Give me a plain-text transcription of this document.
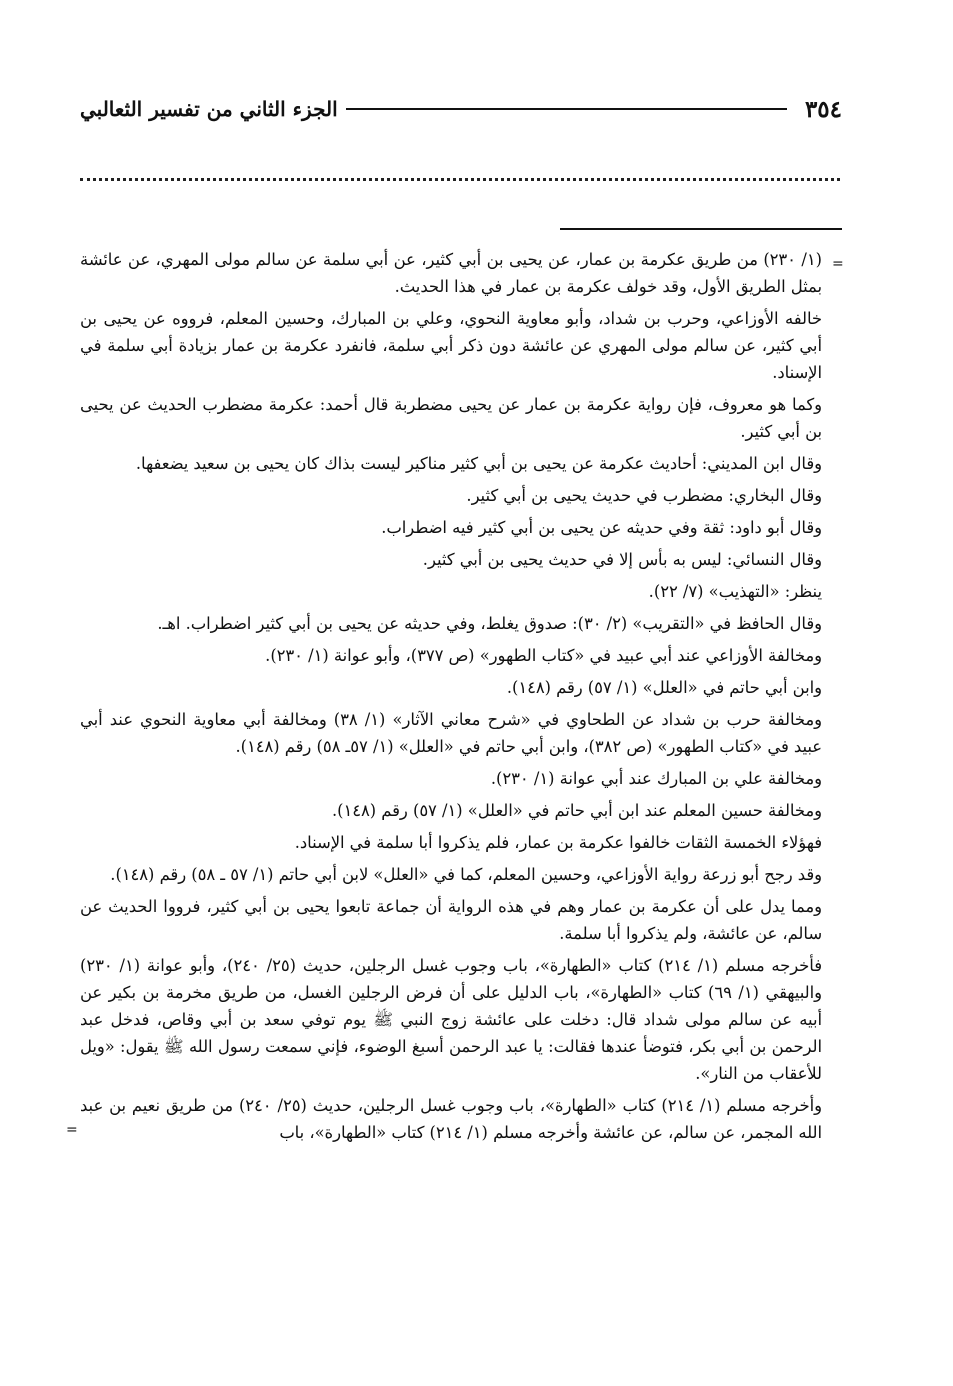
٣٥٤
الجزء الثاني من تفسير الثعالبي
=

(١/ ٢٣٠) من طريق عكرمة بن عمار، عن يحيى بن أبي كثير، عن أبي سلمة عن سالم مولى المهري، عن عائشة بمثل الطريق الأول، وقد خولف عكرمة بن عمار في هذا الحديث.

خالفه الأوزاعي، وحرب بن شداد، وأبو معاوية النحوي، وعلي بن المبارك، وحسين المعلم، فرووه عن يحيى بن أبي كثير، عن سالم مولى المهري عن عائشة دون ذكر أبي سلمة، فانفرد عكرمة بن عمار بزيادة أبي سلمة في الإسناد.

وكما هو معروف، فإن رواية عكرمة بن عمار عن يحيى مضطربة قال أحمد: عكرمة مضطرب الحديث عن يحيى بن أبي كثير.

وقال ابن المديني: أحاديث عكرمة عن يحيى بن أبي كثير مناكير ليست بذاك كان يحيى بن سعيد يضعفها.

وقال البخاري: مضطرب في حديث يحيى بن أبي كثير.

وقال أبو داود: ثقة وفي حديثه عن يحيى بن أبي كثير فيه اضطراب.

وقال النسائي: ليس به بأس إلا في حديث يحيى بن أبي كثير.

ينظر: «التهذيب» (٧/ ٢٢).

وقال الحافظ في «التقريب» (٢/ ٣٠): صدوق يغلط، وفي حديثه عن يحيى بن أبي كثير اضطراب. اهـ.

ومخالفة الأوزاعي عند أبي عبيد في «كتاب الطهور» (ص ٣٧٧)، وأبو عوانة (١/ ٢٣٠).

وابن أبي حاتم في «العلل» (١/ ٥٧) رقم (١٤٨).

ومخالفة حرب بن شداد عن الطحاوي في «شرح معاني الآثار» (١/ ٣٨) ومخالفة أبي معاوية النحوي عند أبي عبيد في «كتاب الطهور» (ص ٣٨٢)، وابن أبي حاتم في «العلل» (١/ ٥٧ـ ٥٨) رقم (١٤٨).

ومخالفة علي بن المبارك عند أبي عوانة (١/ ٢٣٠).

ومخالفة حسين المعلم عند ابن أبي حاتم في «العلل» (١/ ٥٧) رقم (١٤٨).

فهؤلاء الخمسة الثقات خالفوا عكرمة بن عمار، فلم يذكروا أبا سلمة في الإسناد.

وقد رجح أبو زرعة رواية الأوزاعي، وحسين المعلم، كما في «العلل» لابن أبي حاتم (١/ ٥٧ ـ ٥٨) رقم (١٤٨).

ومما يدل على أن عكرمة بن عمار وهم في هذه الرواية أن جماعة تابعوا يحيى بن أبي كثير، فرووا الحديث عن سالم، عن عائشة، ولم يذكروا أبا سلمة.

فأخرجه مسلم (١/ ٢١٤) كتاب «الطهارة»، باب وجوب غسل الرجلين، حديث (٢٥/ ٢٤٠)، وأبو عوانة (١/ ٢٣٠) والبيهقي (١/ ٦٩) كتاب «الطهارة»، باب الدليل على أن فرض الرجلين الغسل، من طريق مخرمة بن بكير عن أبيه عن سالم مولى شداد قال: دخلت على عائشة زوج النبي ﷺ يوم توفي سعد بن أبي وقاص، فدخل عبد الرحمن بن أبي بكر، فتوضأ عندها فقالت: يا عبد الرحمن أسبغ الوضوء، فإني سمعت رسول الله ﷺ يقول: «ويل للأعقاب من النار».

وأخرجه مسلم (١/ ٢١٤) كتاب «الطهارة»، باب وجوب غسل الرجلين، حديث (٢٥/ ٢٤٠) من طريق نعيم بن عبد الله المجمر، عن سالم، عن عائشة وأخرجه مسلم (١/ ٢١٤) كتاب «الطهارة»، باب
=
